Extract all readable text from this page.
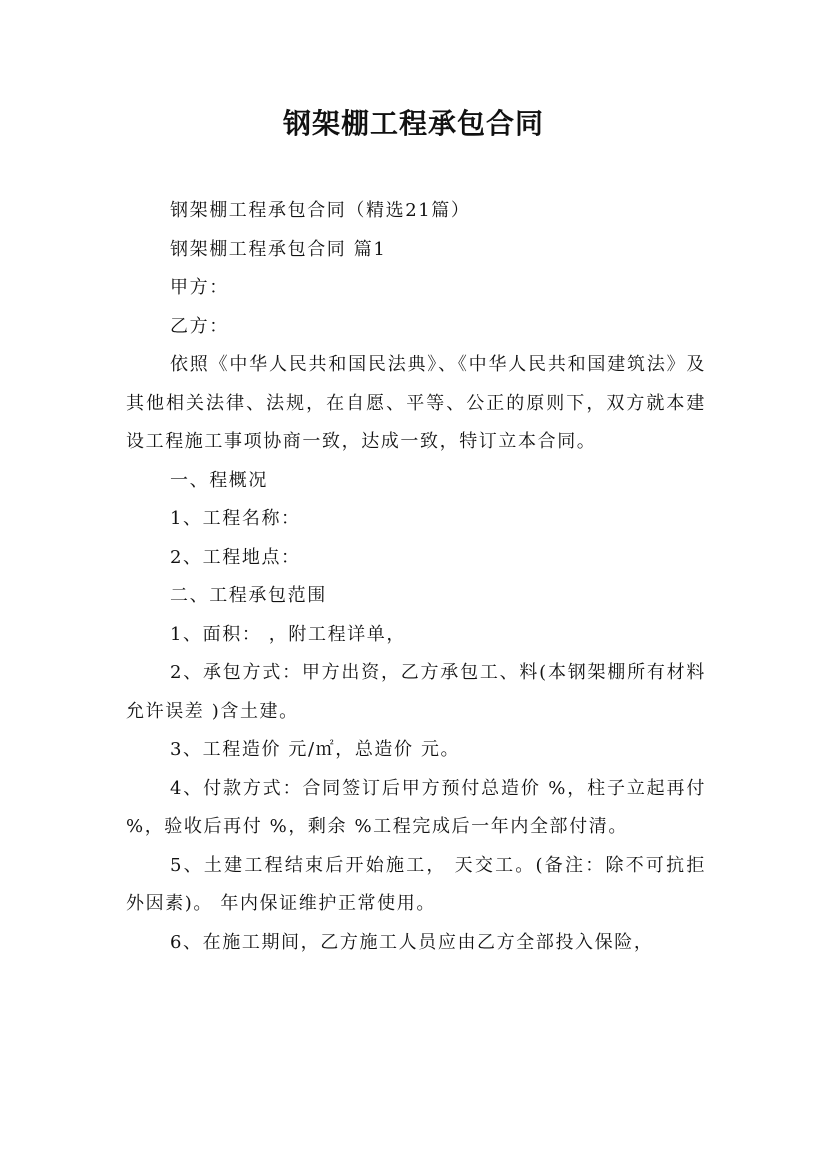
钢架棚工程承包合同

钢架棚工程承包合同（精选21篇）

钢架棚工程承包合同 篇1

甲方：

乙方：

依照《中华人民共和国民法典》、《中华人民共和国建筑法》及其他相关法律、法规，在自愿、平等、公正的原则下，双方就本建设工程施工事项协商一致，达成一致，特订立本合同。

一、程概况

1、工程名称：

2、工程地点：

二、工程承包范围

1、面积： ，附工程详单，

2、承包方式：甲方出资，乙方承包工、料(本钢架棚所有材料允许误差 )含土建。

3、工程造价 元/㎡，总造价 元。

4、付款方式：合同签订后甲方预付总造价 %，柱子立起再付 %，验收后再付 %，剩余 %工程完成后一年内全部付清。

5、土建工程结束后开始施工， 天交工。(备注：除不可抗拒外因素)。 年内保证维护正常使用。

6、在施工期间，乙方施工人员应由乙方全部投入保险，
